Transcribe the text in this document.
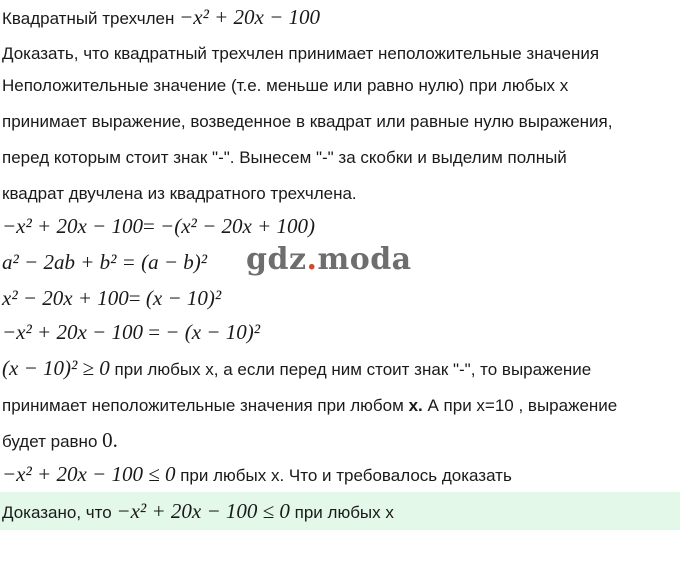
Квадратный трехчлен −x² + 20x − 100
Доказать, что квадратный трехчлен принимает неположительные значения
Неположительные значение (т.е. меньше или равно нулю) при любых x
принимает выражение, возведенное в квадрат или равные нулю выражения,
перед которым стоит знак "-". Вынесем "-" за скобки и выделим полный
квадрат двучлена из квадратного трехчлена.
−x² + 20x − 100= −(x² − 20x + 100)
a² − 2ab + b² = (a − b)²
x² − 20x + 100= (x − 10)²
−x² + 20x − 100 = − (x − 10)²
(x − 10)² ≥ 0 при любых x, а если перед ним стоит знак "-", то выражение
принимает неположительные значения при любом x. А при x=10 , выражение
будет равно 0.
−x² + 20x − 100 ≤ 0 при любых x. Что и требовалось доказать
Доказано, что −x² + 20x − 100 ≤ 0 при любых x
gdz.moda
